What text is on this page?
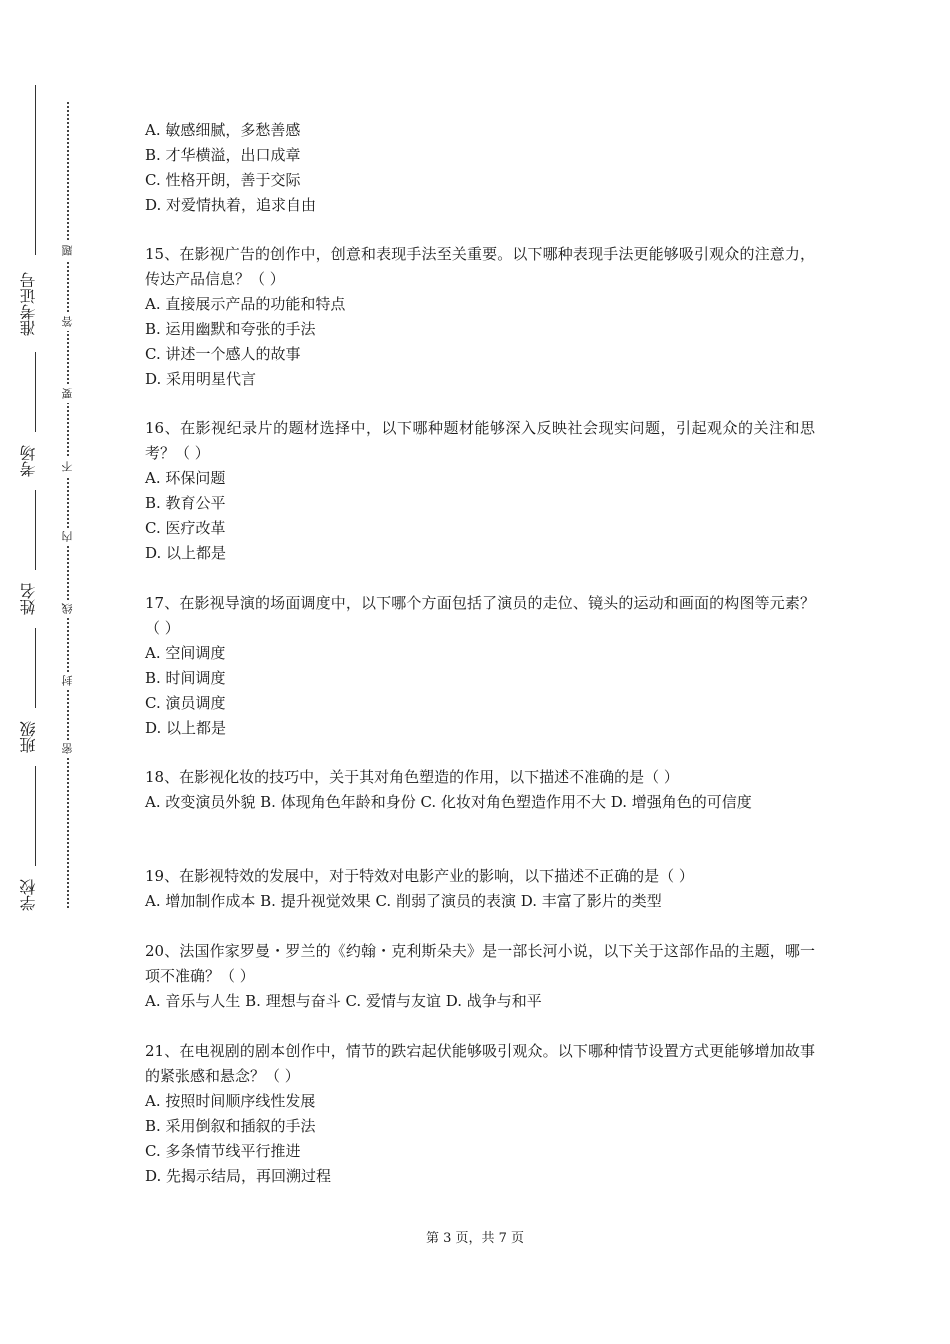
准考证号
考场
姓名
班级
学校
密
封
线
内
不
要
答
题

A. 敏感细腻，多愁善感

B. 才华横溢，出口成章

C. 性格开朗，善于交际

D. 对爱情执着，追求自由

15、在影视广告的创作中，创意和表现手法至关重要。以下哪种表现手法更能够吸引观众的注意力，传达产品信息？（ ）

A. 直接展示产品的功能和特点

B. 运用幽默和夸张的手法

C. 讲述一个感人的故事

D. 采用明星代言

16、在影视纪录片的题材选择中，以下哪种题材能够深入反映社会现实问题，引起观众的关注和思考？（ ）

A. 环保问题

B. 教育公平

C. 医疗改革

D. 以上都是

17、在影视导演的场面调度中，以下哪个方面包括了演员的走位、镜头的运动和画面的构图等元素？（ ）

A. 空间调度

B. 时间调度

C. 演员调度

D. 以上都是

18、在影视化妆的技巧中，关于其对角色塑造的作用，以下描述不准确的是（ ）

A. 改变演员外貌 B. 体现角色年龄和身份 C. 化妆对角色塑造作用不大 D. 增强角色的可信度

19、在影视特效的发展中，对于特效对电影产业的影响，以下描述不正确的是（ ）

A. 增加制作成本 B. 提升视觉效果 C. 削弱了演员的表演 D. 丰富了影片的类型

20、法国作家罗曼・罗兰的《约翰・克利斯朵夫》是一部长河小说，以下关于这部作品的主题，哪一项不准确？（ ）

A. 音乐与人生 B. 理想与奋斗 C. 爱情与友谊 D. 战争与和平

21、在电视剧的剧本创作中，情节的跌宕起伏能够吸引观众。以下哪种情节设置方式更能够增加故事的紧张感和悬念？（ ）

A. 按照时间顺序线性发展

B. 采用倒叙和插叙的手法

C. 多条情节线平行推进

D. 先揭示结局，再回溯过程

第 3 页，共 7 页
